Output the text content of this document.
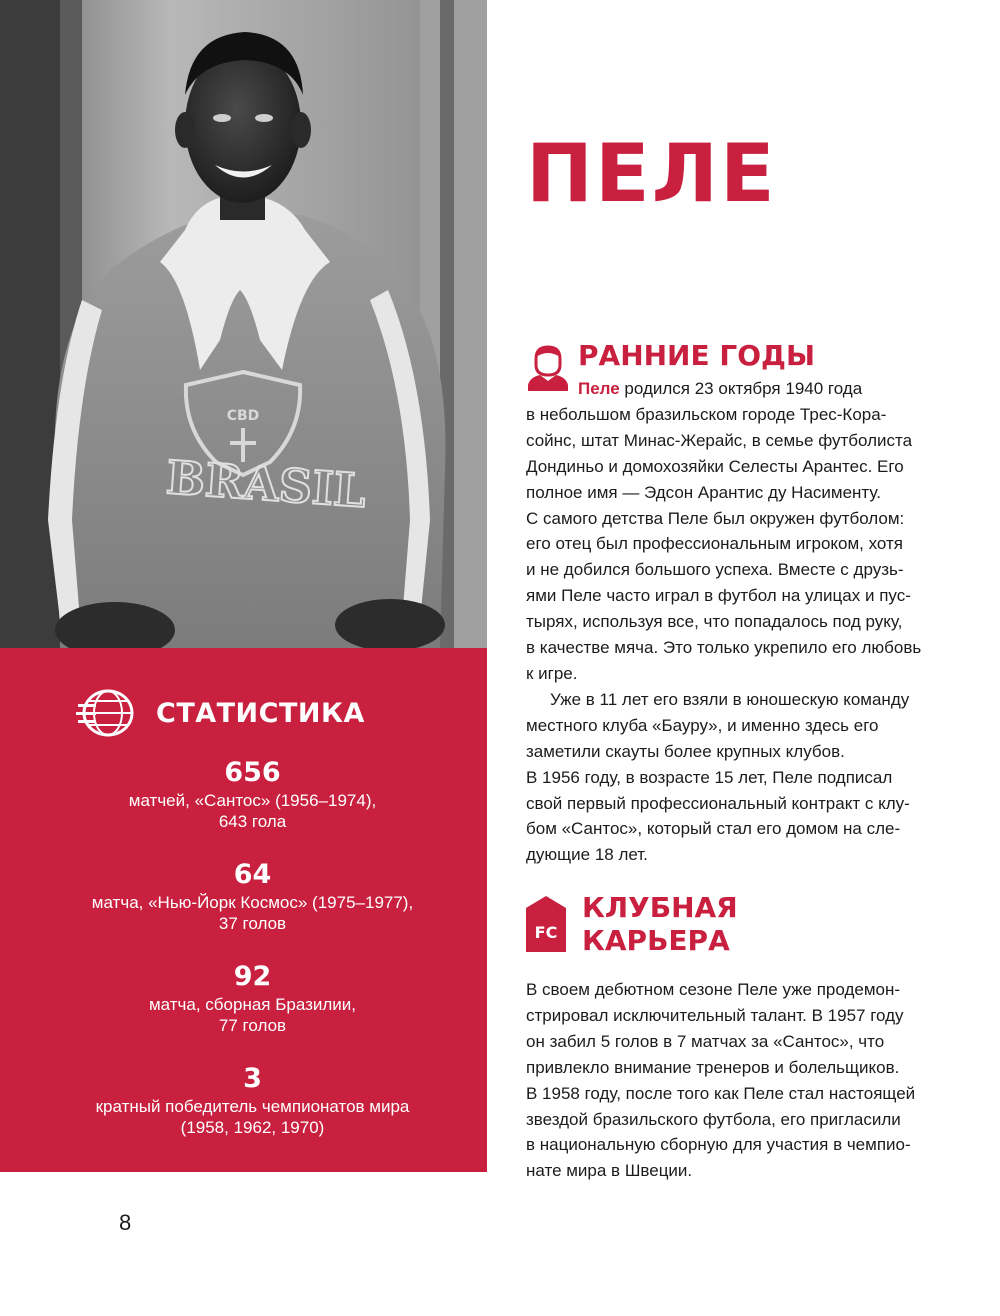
CBD
BRASIL
СТАТИСТИКА
656
матчей, «Сантос» (1956–1974),
643 гола
64
матча, «Нью-Йорк Космос» (1975–1977),
37 голов
92
матча, сборная Бразилии,
77 голов
3
кратный победитель чемпионатов мира
(1958, 1962, 1970)
ПЕЛЕ
РАННИЕ ГОДЫ
Пеле родился 23 октября 1940 года
в небольшом бразильском городе Трес-Кора-
сойнс, штат Минас-Жерайс, в семье футболиста
Дондиньо и домохозяйки Селесты Арантес. Его
полное имя — Эдсон Арантис ду Насименту.
С самого детства Пеле был окружен футболом:
его отец был профессиональным игроком, хотя
и не добился большого успеха. Вместе с друзь-
ями Пеле часто играл в футбол на улицах и пус-
тырях, используя все, что попадалось под руку,
в качестве мяча. Это только укрепило его любовь
к игре.
Уже в 11 лет его взяли в юношескую команду
местного клуба «Бауру», и именно здесь его
заметили скауты более крупных клубов.
В 1956 году, в возрасте 15 лет, Пеле подписал
свой первый профессиональный контракт с клу-
бом «Сантос», который стал его домом на сле-
дующие 18 лет.
FC
КЛУБНАЯ
КАРЬЕРА
В своем дебютном сезоне Пеле уже продемон-
стрировал исключительный талант. В 1957 году
он забил 5 голов в 7 матчах за «Сантос», что
привлекло внимание тренеров и болельщиков.
В 1958 году, после того как Пеле стал настоящей
звездой бразильского футбола, его пригласили
в национальную сборную для участия в чемпио-
нате мира в Швеции.
8
